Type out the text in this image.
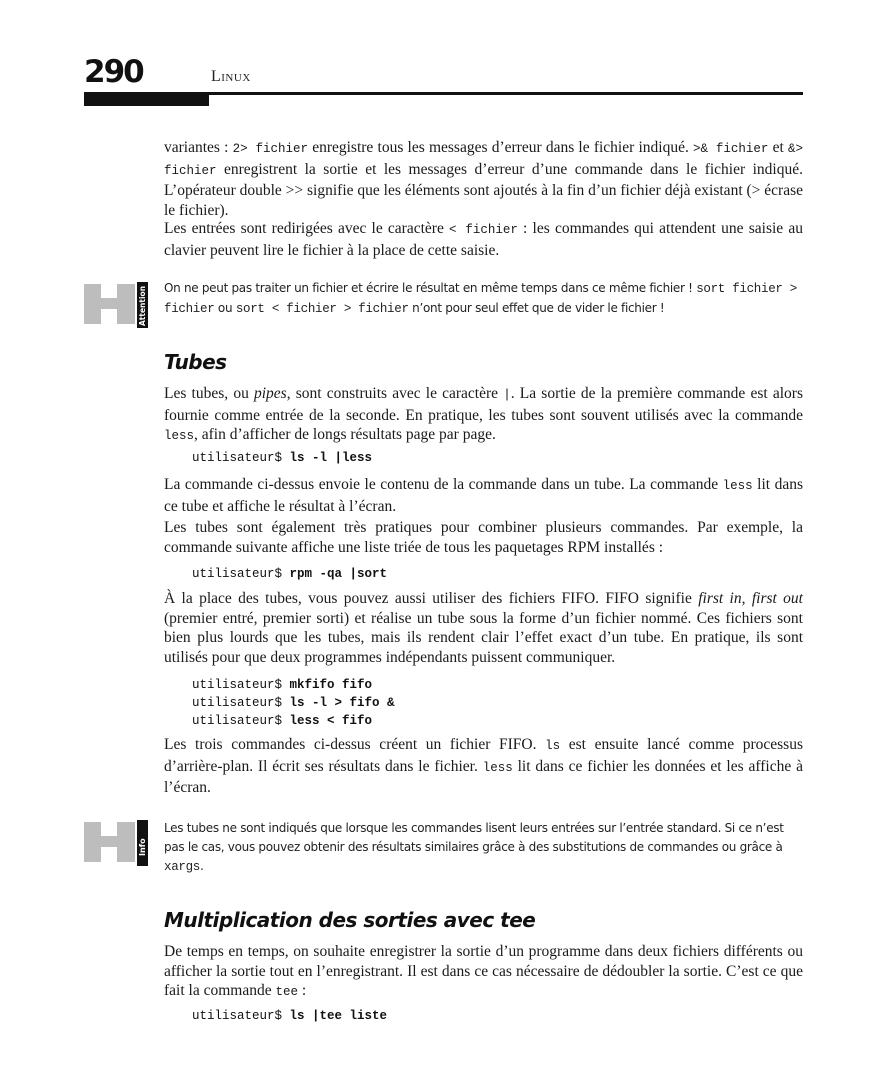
290	Linux

variantes : 2> fichier enregistre tous les messages d’erreur dans le fichier indiqué. >& fichier et &> fichier enregistrent la sortie et les messages d’erreur d’une commande dans le fichier indiqué. L’opérateur double >> signifie que les éléments sont ajoutés à la fin d’un fichier déjà existant (> écrase le fichier).

Les entrées sont redirigées avec le caractère < fichier : les commandes qui attendent une saisie au clavier peuvent lire le fichier à la place de cette saisie.

Attention On ne peut pas traiter un fichier et écrire le résultat en même temps dans ce même fichier ! sort fichier > fichier ou sort < fichier > fichier n’ont pour seul effet que de vider le fichier !
Tubes

Les tubes, ou pipes, sont construits avec le caractère |. La sortie de la première commande est alors fournie comme entrée de la seconde. En pratique, les tubes sont souvent utilisés avec la commande less, afin d’afficher de longs résultats page par page.

utilisateur$ ls -l |less

La commande ci-dessus envoie le contenu de la commande dans un tube. La commande less lit dans ce tube et affiche le résultat à l’écran.

Les tubes sont également très pratiques pour combiner plusieurs commandes. Par exemple, la commande suivante affiche une liste triée de tous les paquetages RPM installés :

utilisateur$ rpm -qa |sort

À la place des tubes, vous pouvez aussi utiliser des fichiers FIFO. FIFO signifie first in, first out (premier entré, premier sorti) et réalise un tube sous la forme d’un fichier nommé. Ces fichiers sont bien plus lourds que les tubes, mais ils rendent clair l’effet exact d’un tube. En pratique, ils sont utilisés pour que deux programmes indépendants puissent communiquer.

utilisateur$ mkfifo fifo
utilisateur$ ls -l > fifo &
utilisateur$ less < fifo

Les trois commandes ci-dessus créent un fichier FIFO. ls est ensuite lancé comme processus d’arrière-plan. Il écrit ses résultats dans le fichier. less lit dans ce fichier les données et les affiche à l’écran.

Info
Les tubes ne sont indiqués que lorsque les commandes lisent leurs entrées sur l’entrée standard. Si ce n’est pas le cas, vous pouvez obtenir des résultats similaires grâce à des substitutions de commandes ou grâce à xargs.
Multiplication des sorties avec tee

De temps en temps, on souhaite enregistrer la sortie d’un programme dans deux fichiers différents ou afficher la sortie tout en l’enregistrant. Il est dans ce cas nécessaire de dédoubler la sortie. C’est ce que fait la commande tee :

utilisateur$ ls |tee liste
